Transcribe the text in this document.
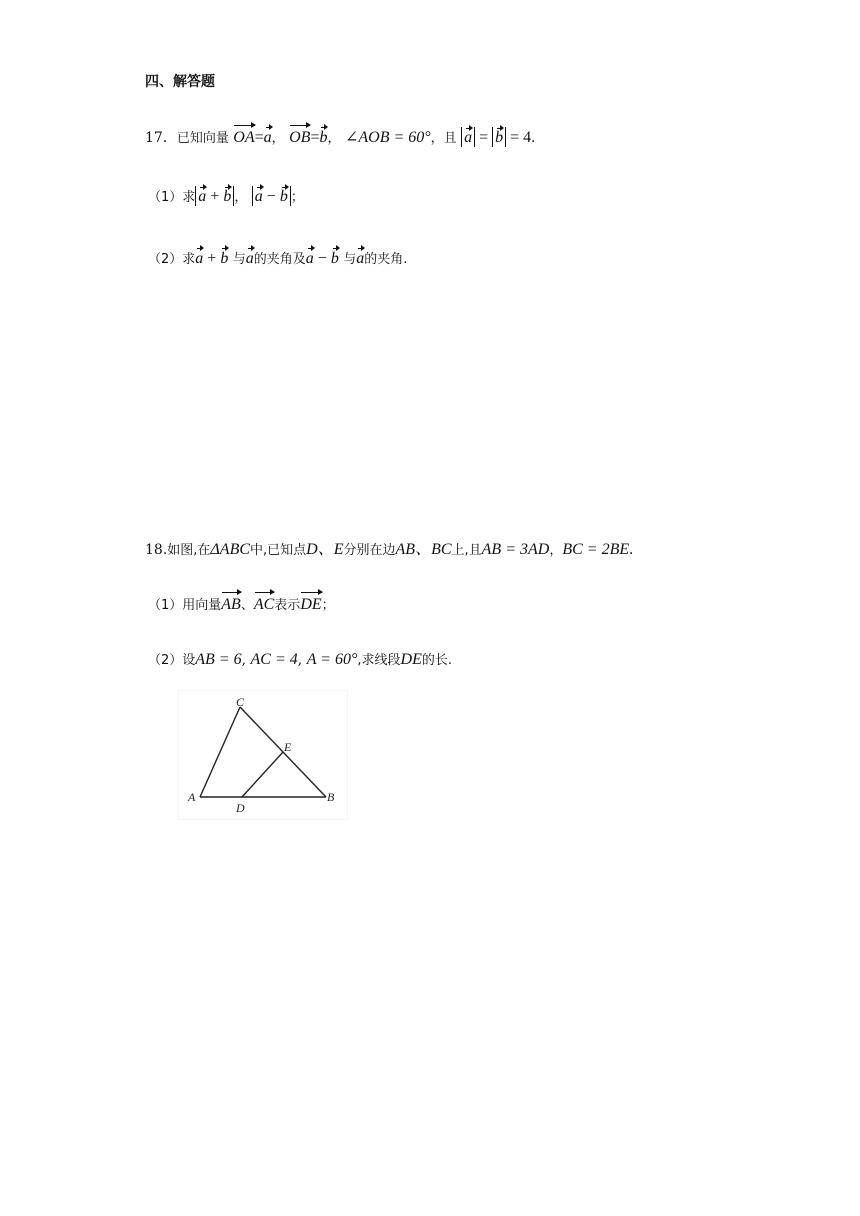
四、解答题
17．已知向量 OA=a， OB=b， ∠AOB = 60°，且 a = b = 4.
（1）求 a + b ， a − b ；
（2）求a + b 与a的夹角及a − b 与a的夹角.
18.如图,在ΔABC中,已知点D、E分别在边AB、BC上,且AB = 3AD，BC = 2BE.
（1）用向量AB、AC表示DE；
（2）设AB = 6, AC = 4, A = 60°,求线段DE的长.
C
E
A
D
B
